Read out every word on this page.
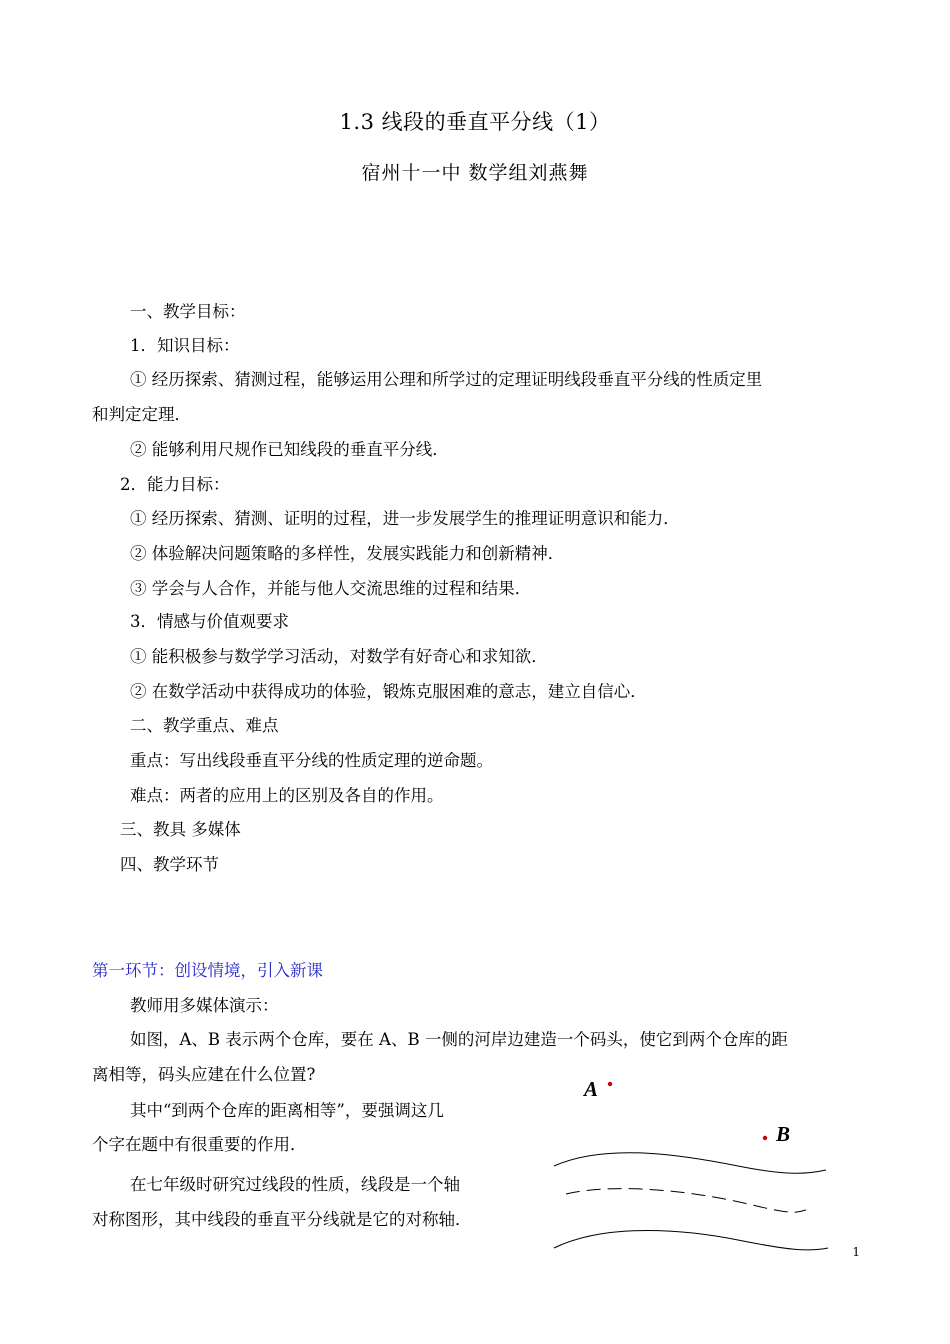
1.3 线段的垂直平分线（1）
宿州十一中 数学组刘燕舞
一、教学目标：
1．知识目标：
① 经历探索、猜测过程，能够运用公理和所学过的定理证明线段垂直平分线的性质定里
和判定定理．
② 能够利用尺规作已知线段的垂直平分线．
2．能力目标：
① 经历探索、猜测、证明的过程，进一步发展学生的推理证明意识和能力．
② 体验解决问题策略的多样性，发展实践能力和创新精神．
③ 学会与人合作，并能与他人交流思维的过程和结果．
3．情感与价值观要求
① 能积极参与数学学习活动，对数学有好奇心和求知欲．
② 在数学活动中获得成功的体验，锻炼克服困难的意志，建立自信心．
二、教学重点、难点
重点：写出线段垂直平分线的性质定理的逆命题。
难点：两者的应用上的区别及各自的作用。
三、教具 多媒体
四、教学环节
第一环节：创设情境，引入新课
教师用多媒体演示：
如图，A、B 表示两个仓库，要在 A、B 一侧的河岸边建造一个码头，使它到两个仓库的距
离相等，码头应建在什么位置?
其中“到两个仓库的距离相等”，要强调这几
个字在题中有很重要的作用．
在七年级时研究过线段的性质，线段是一个轴
对称图形，其中线段的垂直平分线就是它的对称轴．
A
B
1
